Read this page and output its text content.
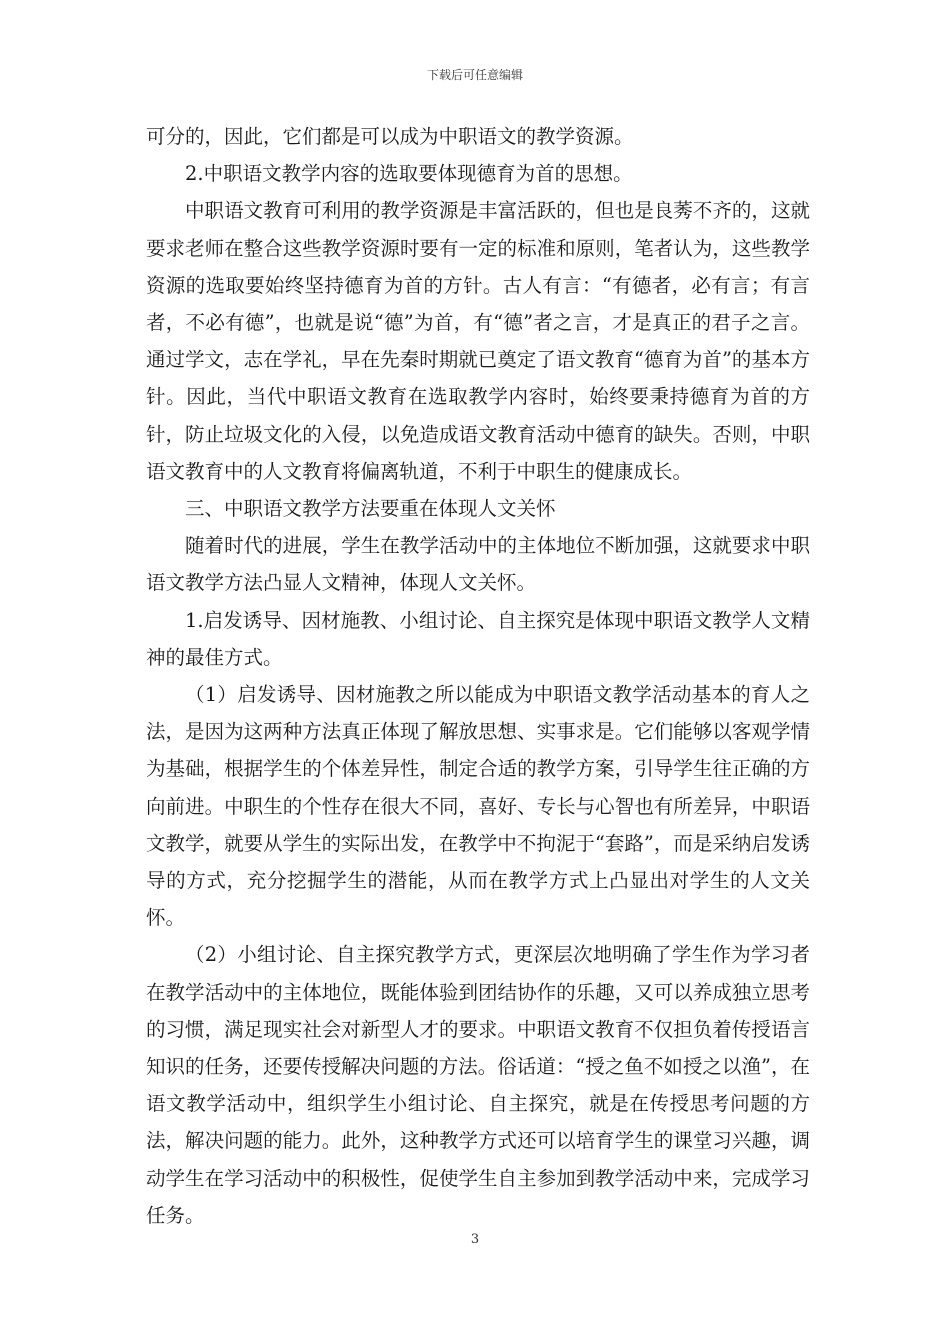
下载后可任意编辑

可分的，因此，它们都是可以成为中职语文的教学资源。

2.中职语文教学内容的选取要体现德育为首的思想。

中职语文教育可利用的教学资源是丰富活跃的，但也是良莠不齐的，这就要求老师在整合这些教学资源时要有一定的标准和原则，笔者认为，这些教学资源的选取要始终坚持德育为首的方针。古人有言：“有德者，必有言；有言者，不必有德”，也就是说“德”为首，有“德”者之言，才是真正的君子之言。通过学文，志在学礼，早在先秦时期就已奠定了语文教育“德育为首”的基本方针。因此，当代中职语文教育在选取教学内容时，始终要秉持德育为首的方针，防止垃圾文化的入侵，以免造成语文教育活动中德育的缺失。否则，中职语文教育中的人文教育将偏离轨道，不利于中职生的健康成长。

三、中职语文教学方法要重在体现人文关怀

随着时代的进展，学生在教学活动中的主体地位不断加强，这就要求中职语文教学方法凸显人文精神，体现人文关怀。

1.启发诱导、因材施教、小组讨论、自主探究是体现中职语文教学人文精神的最佳方式。

（1）启发诱导、因材施教之所以能成为中职语文教学活动基本的育人之法，是因为这两种方法真正体现了解放思想、实事求是。它们能够以客观学情为基础，根据学生的个体差异性，制定合适的教学方案，引导学生往正确的方向前进。中职生的个性存在很大不同，喜好、专长与心智也有所差异，中职语文教学，就要从学生的实际出发，在教学中不拘泥于“套路”，而是采纳启发诱导的方式，充分挖掘学生的潜能，从而在教学方式上凸显出对学生的人文关怀。

（2）小组讨论、自主探究教学方式，更深层次地明确了学生作为学习者在教学活动中的主体地位，既能体验到团结协作的乐趣，又可以养成独立思考的习惯，满足现实社会对新型人才的要求。中职语文教育不仅担负着传授语言知识的任务，还要传授解决问题的方法。俗话道：“授之鱼不如授之以渔”，在语文教学活动中，组织学生小组讨论、自主探究，就是在传授思考问题的方法，解决问题的能力。此外，这种教学方式还可以培育学生的课堂习兴趣，调动学生在学习活动中的积极性，促使学生自主参加到教学活动中来，完成学习任务。

3
